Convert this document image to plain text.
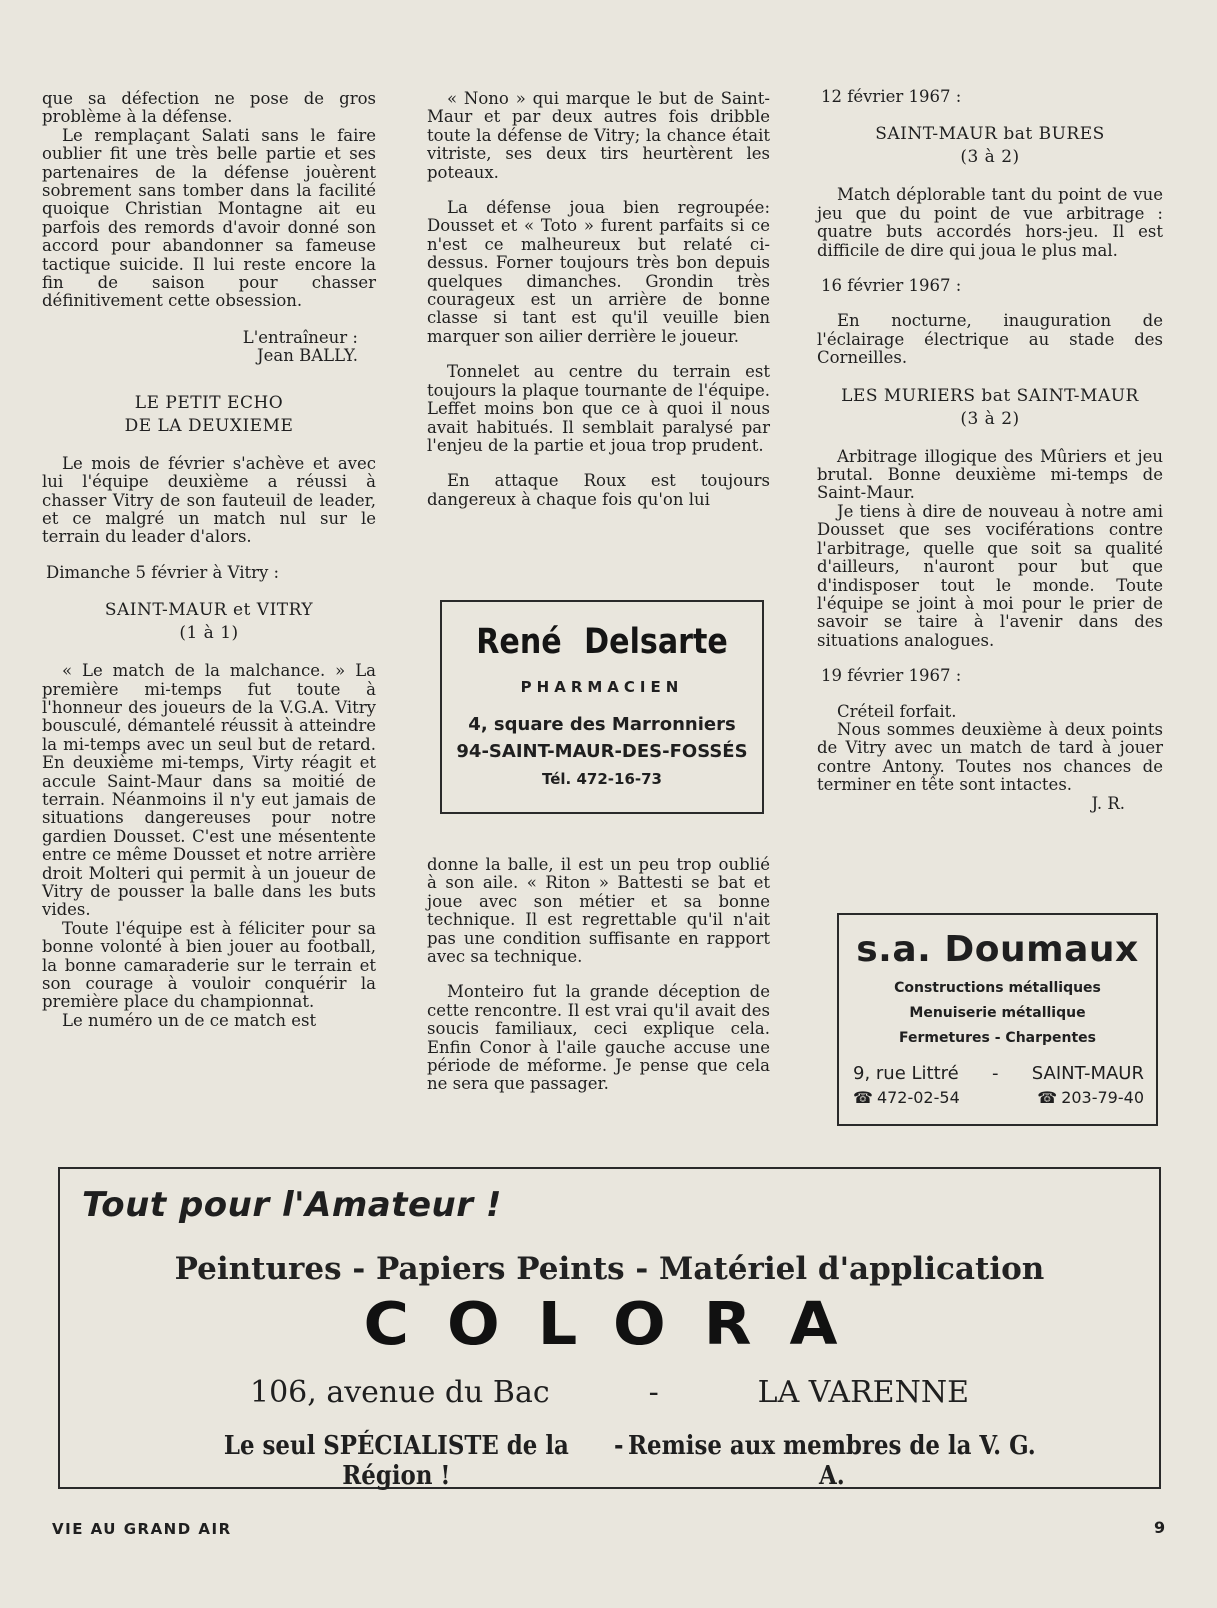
que sa défection ne pose de gros problème à la défense.

Le remplaçant Salati sans le faire oublier fit une très belle partie et ses partenaires de la défense jouèrent sobrement sans tomber dans la facilité quoique Christian Montagne ait eu parfois des remords d'avoir donné son accord pour abandonner sa fameuse tactique suicide. Il lui reste encore la fin de saison pour chasser définitivement cette obsession.

L'entraîneur :

Jean BALLY.

LE PETIT ECHO

DE LA DEUXIEME

Le mois de février s'achève et avec lui l'équipe deuxième a réussi à chasser Vitry de son fauteuil de leader, et ce malgré un match nul sur le terrain du leader d'alors.

Dimanche 5 février à Vitry :

SAINT-MAUR et VITRY

(1 à 1)

« Le match de la malchance. » La première mi-temps fut toute à l'honneur des joueurs de la V.G.A. Vitry bousculé, démantelé réussit à atteindre la mi-temps avec un seul but de retard. En deuxième mi-temps, Virty réagit et accule Saint-Maur dans sa moitié de terrain. Néanmoins il n'y eut jamais de situations dangereuses pour notre gardien Dousset. C'est une mésentente entre ce même Dousset et notre arrière droit Molteri qui permit à un joueur de Vitry de pousser la balle dans les buts vides.

Toute l'équipe est à féliciter pour sa bonne volonté à bien jouer au football, la bonne camaraderie sur le terrain et son courage à vouloir conquérir la première place du championnat.

Le numéro un de ce match est

« Nono » qui marque le but de Saint-Maur et par deux autres fois dribble toute la défense de Vitry; la chance était vitriste, ses deux tirs heurtèrent les poteaux.

La défense joua bien regroupée: Dousset et « Toto » furent parfaits si ce n'est ce malheureux but relaté ci-dessus. Forner toujours très bon depuis quelques dimanches. Grondin très courageux est un arrière de bonne classe si tant est qu'il veuille bien marquer son ailier derrière le joueur.

Tonnelet au centre du terrain est toujours la plaque tournante de l'équipe. Leffet moins bon que ce à quoi il nous avait habitués. Il semblait paralysé par l'enjeu de la partie et joua trop prudent.

En attaque Roux est toujours dangereux à chaque fois qu'on lui

René Delsarte
PHARMACIEN
4, square des Marronniers
94-SAINT-MAUR-DES-FOSSÉS
Tél. 472-16-73

donne la balle, il est un peu trop oublié à son aile. « Riton » Battesti se bat et joue avec son métier et sa bonne technique. Il est regrettable qu'il n'ait pas une condition suffisante en rapport avec sa technique.

Monteiro fut la grande déception de cette rencontre. Il est vrai qu'il avait des soucis familiaux, ceci explique cela. Enfin Conor à l'aile gauche accuse une période de méforme. Je pense que cela ne sera que passager.

12 février 1967 :

SAINT-MAUR bat BURES

(3 à 2)

Match déplorable tant du point de vue jeu que du point de vue arbitrage : quatre buts accordés hors-jeu. Il est difficile de dire qui joua le plus mal.

16 février 1967 :

En nocturne, inauguration de l'éclairage électrique au stade des Corneilles.

LES MURIERS bat SAINT-MAUR

(3 à 2)

Arbitrage illogique des Mûriers et jeu brutal. Bonne deuxième mi-temps de Saint-Maur.

Je tiens à dire de nouveau à notre ami Dousset que ses vociférations contre l'arbitrage, quelle que soit sa qualité d'ailleurs, n'auront pour but que d'indisposer tout le monde. Toute l'équipe se joint à moi pour le prier de savoir se taire à l'avenir dans des situations analogues.

19 février 1967 :

Créteil forfait.

Nous sommes deuxième à deux points de Vitry avec un match de tard à jouer contre Antony. Toutes nos chances de terminer en tête sont intactes.

J. R.

s.a. Doumaux
Constructions métalliques
Menuiserie métallique
Fermetures - Charpentes
9, rue Littré - SAINT-MAUR
☎ 472-02-54	☎ 203-79-40
Tout pour l'Amateur !
Peintures - Papiers Peints - Matériel d'application
COLORA
106, avenue du Bac	-	LA VARENNE
Le seul SPÉCIALISTE de la Région !
- Remise aux membres de la V. G. A.
VIE AU GRAND AIR	9
